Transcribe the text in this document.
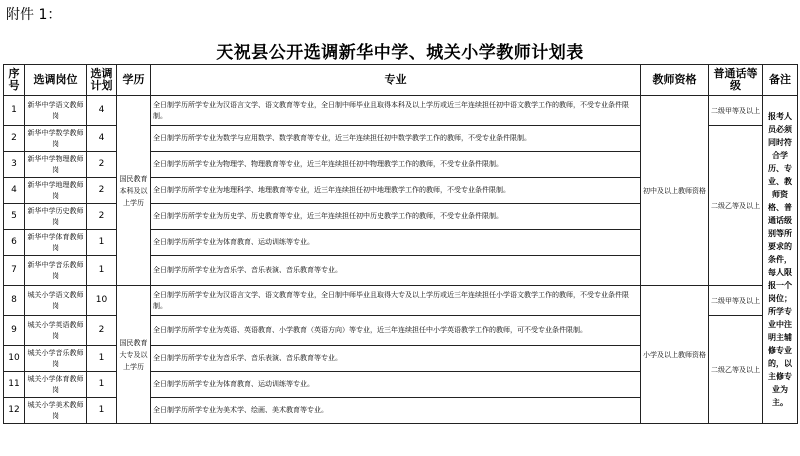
附件 1：
天祝县公开选调新华中学、城关小学教师计划表
序号	选调岗位	选调计划	学历	专业	教师资格	普通话等级	备注
1	新华中学语文教师岗	4	国民教育本科及以上学历	全日制学历所学专业为汉语言文学、语文教育等专业，全日制中师毕业且取得本科及以上学历或近三年连续担任初中语文教学工作的教师，不受专业条件限制。	初中及以上教师资格	二级甲等及以上	报考人员必须同时符合学历、专业、教师资格、普通话级别等所要求的条件，每人限报一个岗位；所学专业中注明主辅修专业的，以主修专业为主。
2	新华中学数学教师岗	4		全日制学历所学专业为数学与应用数学、数学教育等专业，近三年连续担任初中数学教学工作的教师，不受专业条件限制。		二级乙等及以上	
3	新华中学物理教师岗	2		全日制学历所学专业为物理学、物理教育等专业，近三年连续担任初中物理教学工作的教师，不受专业条件限制。			
4	新华中学地理教师岗	2		全日制学历所学专业为地理科学、地理教育等专业，近三年连续担任初中地理教学工作的教师，不受专业条件限制。			
5	新华中学历史教师岗	2		全日制学历所学专业为历史学、历史教育等专业，近三年连续担任初中历史教学工作的教师，不受专业条件限制。			
6	新华中学体育教师岗	1		全日制学历所学专业为体育教育、运动训练等专业。			
7	新华中学音乐教师岗	1		全日制学历所学专业为音乐学、音乐表演、音乐教育等专业。			
8	城关小学语文教师岗	10	国民教育大专及以上学历	全日制学历所学专业为汉语言文学、语文教育等专业，全日制中师毕业且取得大专及以上学历或近三年连续担任小学语文教学工作的教师，不受专业条件限制。	小学及以上教师资格	二级甲等及以上	
9	城关小学英语教师岗	2		全日制学历所学专业为英语、英语教育、小学教育（英语方向）等专业，近三年连续担任中小学英语教学工作的教师，可不受专业条件限制。		二级乙等及以上	
10	城关小学音乐教师岗	1		全日制学历所学专业为音乐学、音乐表演、音乐教育等专业。			
11	城关小学体育教师岗	1		全日制学历所学专业为体育教育、运动训练等专业。			
12	城关小学美术教师岗	1		全日制学历所学专业为美术学、绘画、美术教育等专业。			
